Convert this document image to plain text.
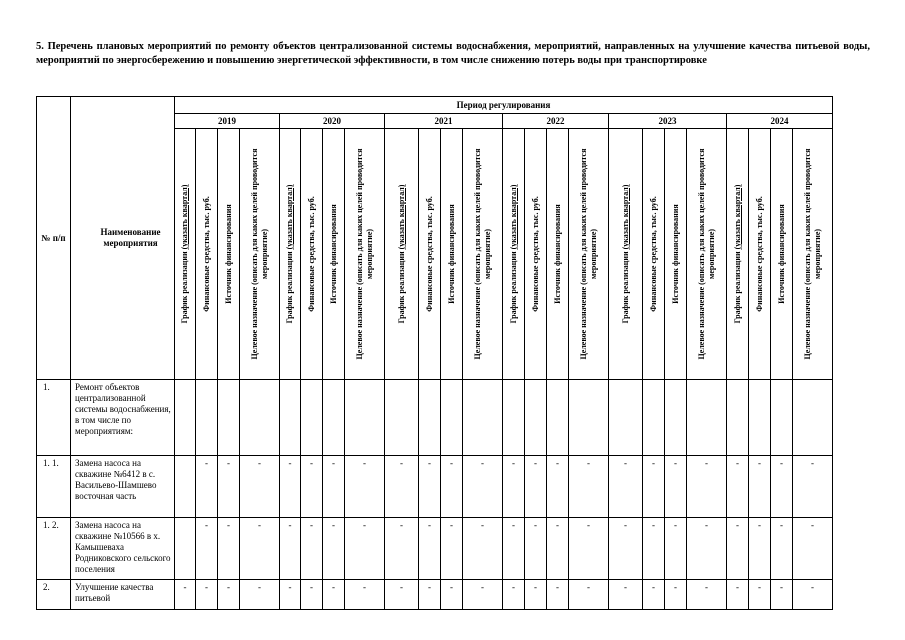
5. Перечень плановых мероприятий по ремонту объектов централизованной системы водоснабжения, мероприятий, направленных на улучшение качества питьевой воды, мероприятий по энергосбережению и повышению энергетической эффективности, в том числе снижению потерь воды при транспортировке
№ п/п	Наименование мероприятия	Период регулирования																							
		2019				2020				2021				2022				2023				2024			

		График реализации (указать квартал)	Финансовые средства, тыс. руб.	Источник финансирования	Целевое назначение (описать для каких целей проводится мероприятие)	График реализации (указать квартал)	Финансовые средства, тыс. руб.	Источник финансирования	Целевое назначение (описать для каких целей проводится мероприятие)	График реализации (указать квартал)	Финансовые средства, тыс. руб.	Источник финансирования	Целевое назначение (описать для каких целей проводится мероприятие)	График реализации (указать квартал)	Финансовые средства, тыс. руб.	Источник финансирования	Целевое назначение (описать для каких целей проводится мероприятие)	График реализации (указать квартал)	Финансовые средства, тыс. руб.	Источник финансирования	Целевое назначение (описать для каких целей проводится мероприятие)	График реализации (указать квартал)	Финансовые средства, тыс. руб.	Источник финансирования	Целевое назначение (описать для каких целей проводится мероприятие)

1.	Ремонт объектов централизованной системы водоснабжения, в том числе по мероприятиям:																								
1. 1.	Замена насоса на скважине №6412 в с. Васильево-Шамшево восточная часть		-	-	-	-	-	-	-	-	-	-	-	-	-	-	-	-	-	-	-	-	-	-	-
1. 2.	Замена насоса на скважине №10566 в х. Камышеваха Родниковского сельского поселения		-	-	-	-	-	-	-	-	-	-	-	-	-	-	-	-	-	-	-	-	-	-	-
2.	Улучшение качества питьевой	-	-	-	-	-	-	-	-	-	-	-	-	-	-	-	-	-	-	-	-	-	-	-	-
